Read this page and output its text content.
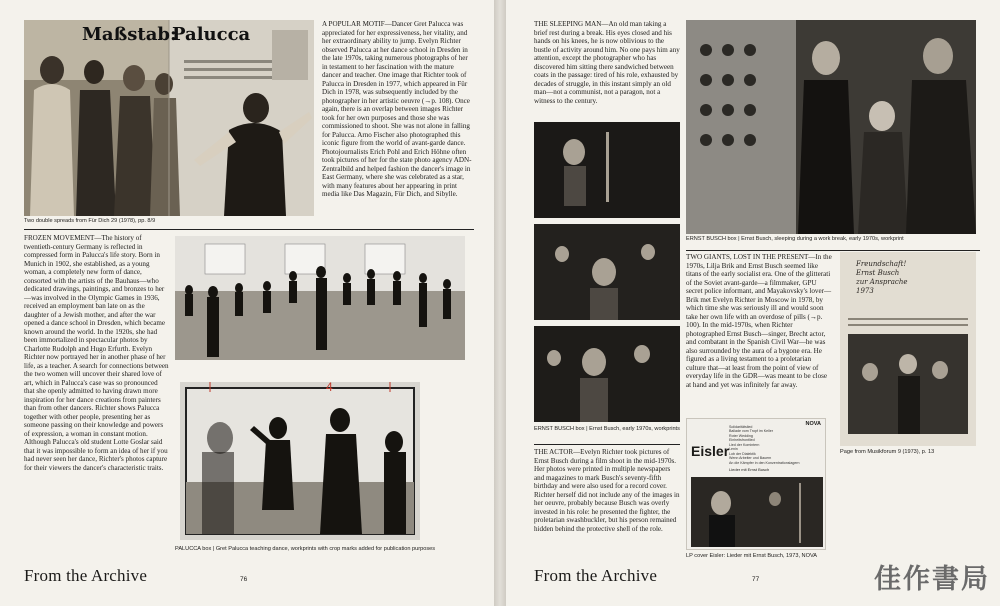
Maßstab:
Palucca
Two double spreads from Für Dich 29 (1978), pp. 8/9
A POPULAR MOTIF—Dancer Gret Palucca was appreciated for her expressiveness, her vitality, and her extraordinary ability to jump. Evelyn Richter observed Palucca at her dance school in Dresden in the late 1970s, taking numerous photographs of her in testament to her fascination with the mature dancer and teacher. One image that Richter took of Palucca in Dresden in 1977, which appeared in Für Dich in 1978, was subsequently included by the photographer in her artistic oeuvre (→p. 108). Once again, there is an overlap between images Richter took for her own purposes and those she was commissioned to shoot. She was not alone in falling for Palucca. Arno Fischer also photographed this iconic figure from the world of avant-garde dance. Photojournalists Erich Pohl and Erich Höhne often took pictures of her for the state photo agency ADN-Zentralbild and helped fashion the dancer's image in East Germany, where she was celebrated as a star, with many features about her appearing in print media like Das Magazin, Für Dich, and Sibylle.
FROZEN MOVEMENT—The history of twentieth-century Germany is reflected in compressed form in Palucca's life story. Born in Munich in 1902, she established, as a young woman, a completely new form of dance, consorted with the artists of the Bauhaus—who dedicated drawings, paintings, and bronzes to her—was involved in the Olympic Games in 1936, received an employment ban late on as the daughter of a Jewish mother, and after the war opened a dance school in Dresden, which became known around the world. In the 1920s, she had been immortalized in spectacular photos by Charlotte Rudolph and Hugo Erfurth. Evelyn Richter now portrayed her in another phase of her life, as a teacher. A search for connections between the two women will uncover their shared love of art, which in Palucca's case was so pronounced that she openly admitted to having drawn more inspiration for her dance creations from painters than from other dancers. Richter shows Palucca together with other people, presenting her as someone passing on their knowledge and powers of expression, a woman in constant motion. Although Palucca's old student Lotte Goslar said that it was impossible to form an idea of her if you had never seen her dance, Richter's photos capture for their viewers the dancer's characteristic traits.
4
PALUCCA box | Gret Palucca teaching dance, workprints with crop marks added for publication purposes
From the Archive	76
THE SLEEPING MAN—An old man taking a brief rest during a break. His eyes closed and his hands on his knees, he is now oblivious to the bustle of activity around him. No one pays him any attention, except the photographer who has discovered him sitting there sandwiched between coats in the passage: tired of his role, exhausted by decades of struggle, in this instant simply an old man—not a communist, not a paragon, not a witness to the century.
ERNST BUSCH box | Ernst Busch, sleeping during a work break, early 1970s, workprint
ERNST BUSCH box | Ernst Busch, early 1970s, workprints
TWO GIANTS, LOST IN THE PRESENT—In the 1970s, Lilja Brik and Ernst Busch seemed like titans of the early socialist era. One of the glitterati of the Soviet avant-garde—a filmmaker, GPU secret police informant, and Mayakovsky's lover—Brik met Evelyn Richter in Moscow in 1978, by which time she was seriously ill and would soon take her own life with an overdose of pills (→p. 100). In the mid-1970s, when Richter photographed Ernst Busch—singer, Brecht actor, and combatant in the Spanish Civil War—he was also surrounded by the aura of a bygone era. He figured as a living testament to a proletarian culture that—at least from the point of view of everyday life in the GDR—was meant to be close at hand and yet was infinitely far away.
Freundschaft!
Ernst Busch
zur Ansprache
1973
Page from Musikforum 9 (1973), p. 13
THE ACTOR—Evelyn Richter took pictures of Ernst Busch during a film shoot in the mid-1970s. Her photos were printed in multiple newspapers and magazines to mark Busch's seventy-fifth birthday and were also used for a record cover. Richter herself did not include any of the images in her oeuvre, probably because Busch was overly invested in his role: he presented the fighter, the proletarian swashbuckler, but his person remained hidden behind the protective shell of the role.
NOVA
Solidaritätslied
Ballade vom Tropf im Keller
Roter Wedding
Einheitsfrontlied
Lied der Komintern
Lenin
Lob der Dialektik
Wenn Arbeiter und Bauern
An die Kämpfer in den Konzentrationslagern
Eisler
Lieder mit Ernst Busch
LP cover Eisler: Lieder mit Ernst Busch, 1973, NOVA
From the Archive	77	佳作書局
